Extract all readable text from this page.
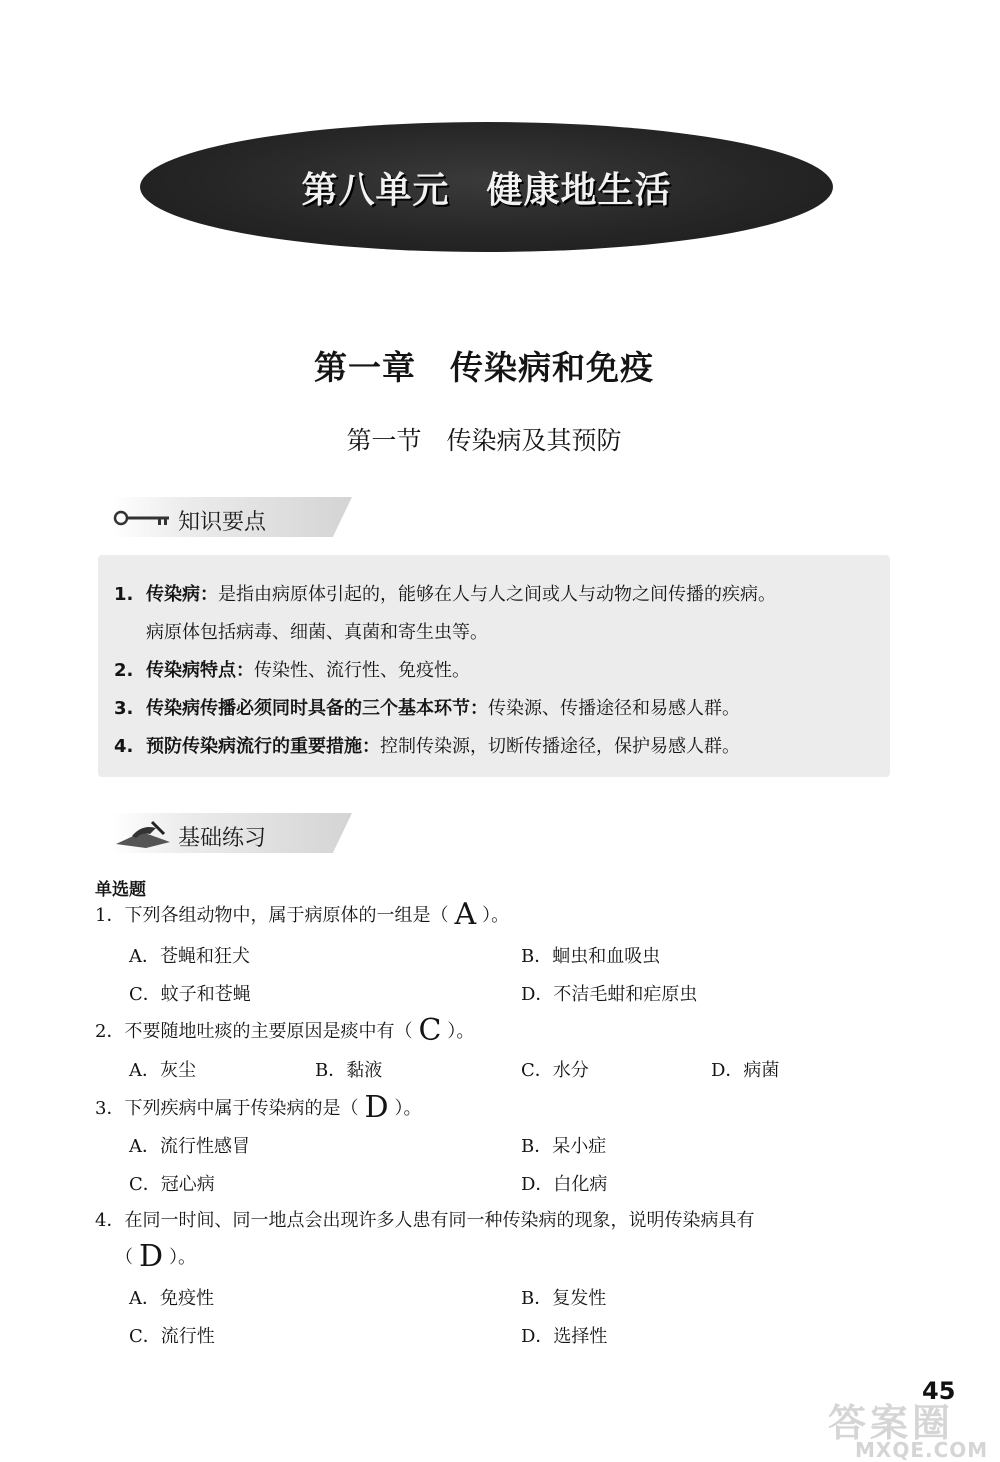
第八单元　健康地生活
第一章　传染病和免疫
第一节　传染病及其预防
知识要点
1. 传染病：是指由病原体引起的，能够在人与人之间或人与动物之间传播的疾病。
病原体包括病毒、细菌、真菌和寄生虫等。
2. 传染病特点：传染性、流行性、免疫性。
3. 传染病传播必须同时具备的三个基本环节：传染源、传播途径和易感人群。
4. 预防传染病流行的重要措施：控制传染源，切断传播途径，保护易感人群。
基础练习
单选题
1．下列各组动物中，属于病原体的一组是（ A ）。
A．苍蝇和狂犬	B．蛔虫和血吸虫
C．蚊子和苍蝇	D．不洁毛蚶和疟原虫
2．不要随地吐痰的主要原因是痰中有（ C ）。
A．灰尘	B．黏液	C．水分	D．病菌
3．下列疾病中属于传染病的是（ D ）。
A．流行性感冒	B．呆小症
C．冠心病	D．白化病
4．在同一时间、同一地点会出现许多人患有同一种传染病的现象，说明传染病具有
（ D ）。
A．免疫性	B．复发性
C．流行性	D．选择性
答案圈
MXQE.COM
45
